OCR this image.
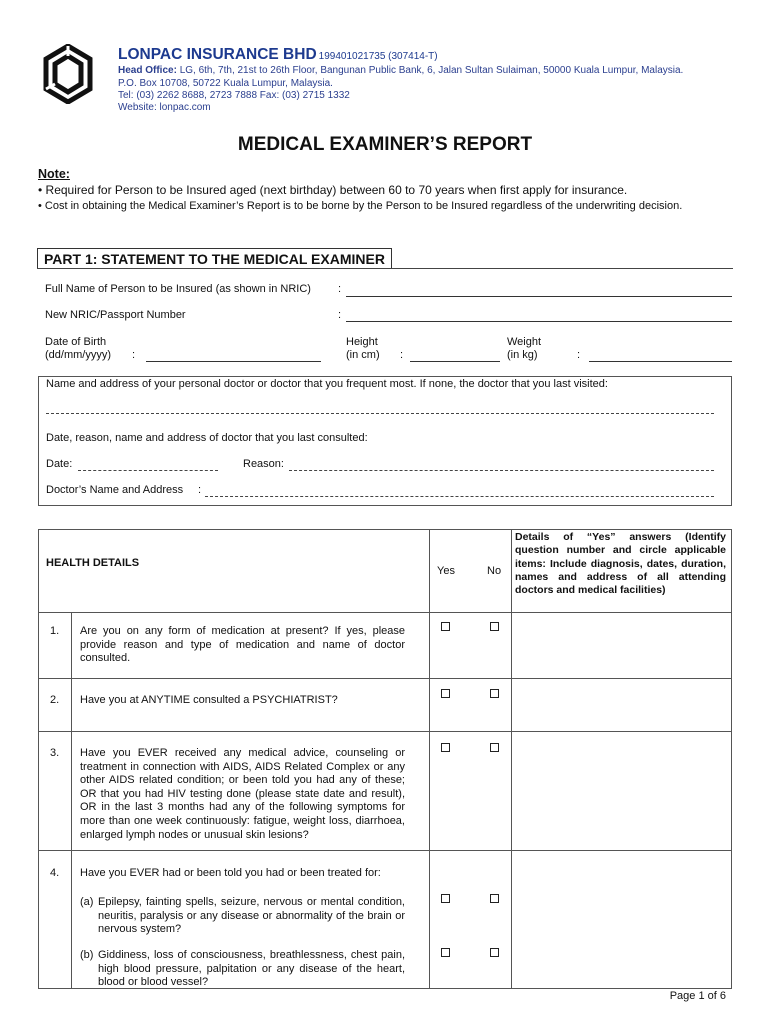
LONPAC INSURANCE BHD 199401021735 (307414-T)
Head Office: LG, 6th, 7th, 21st to 26th Floor, Bangunan Public Bank, 6, Jalan Sultan Sulaiman, 50000 Kuala Lumpur, Malaysia.
P.O. Box 10708, 50722 Kuala Lumpur, Malaysia.
Tel: (03) 2262 8688, 2723 7888 Fax: (03) 2715 1332
Website: lonpac.com
MEDICAL EXAMINER’S REPORT
Note:
• Required for Person to be Insured aged (next birthday) between 60 to 70 years when first apply for insurance.
• Cost in obtaining the Medical Examiner’s Report is to be borne by the Person to be Insured regardless of the underwriting decision.
PART 1: STATEMENT TO THE MEDICAL EXAMINER
Full Name of Person to be Insured (as shown in NRIC) :
New NRIC/Passport Number	:
Date of Birth
(dd/mm/yyyy) :
Height
(in cm) :
Weight
(in kg)	:
Name and address of your personal doctor or doctor that you frequent most. If none, the doctor that you last visited:
Date, reason, name and address of doctor that you last consulted:
Date:	Reason:
Doctor’s Name and Address :
HEALTH DETAILS
Yes	No
Details of “Yes” answers (Identify question number and circle applicable items: Include diagnosis, dates, duration, names and address of all attending doctors and medical facilities)
1. Are you on any form of medication at present? If yes, please provide reason and type of medication and name of doctor consulted.
2. Have you at ANYTIME consulted a PSYCHIATRIST?
3. Have you EVER received any medical advice, counseling or treatment in connection with AIDS, AIDS Related Complex or any other AIDS related condition; or been told you had any of these; OR that you had HIV testing done (please state date and result), OR in the last 3 months had any of the following symptoms for more than one week continuously: fatigue, weight loss, diarrhoea, enlarged lymph nodes or unusual skin lesions?
4. Have you EVER had or been told you had or been treated for:
(a) Epilepsy, fainting spells, seizure, nervous or mental condition, neuritis, paralysis or any disease or abnormality of the brain or nervous system?
(b) Giddiness, loss of consciousness, breathlessness, chest pain, high blood pressure, palpitation or any disease of the heart, blood or blood vessel?
Page 1 of 6
